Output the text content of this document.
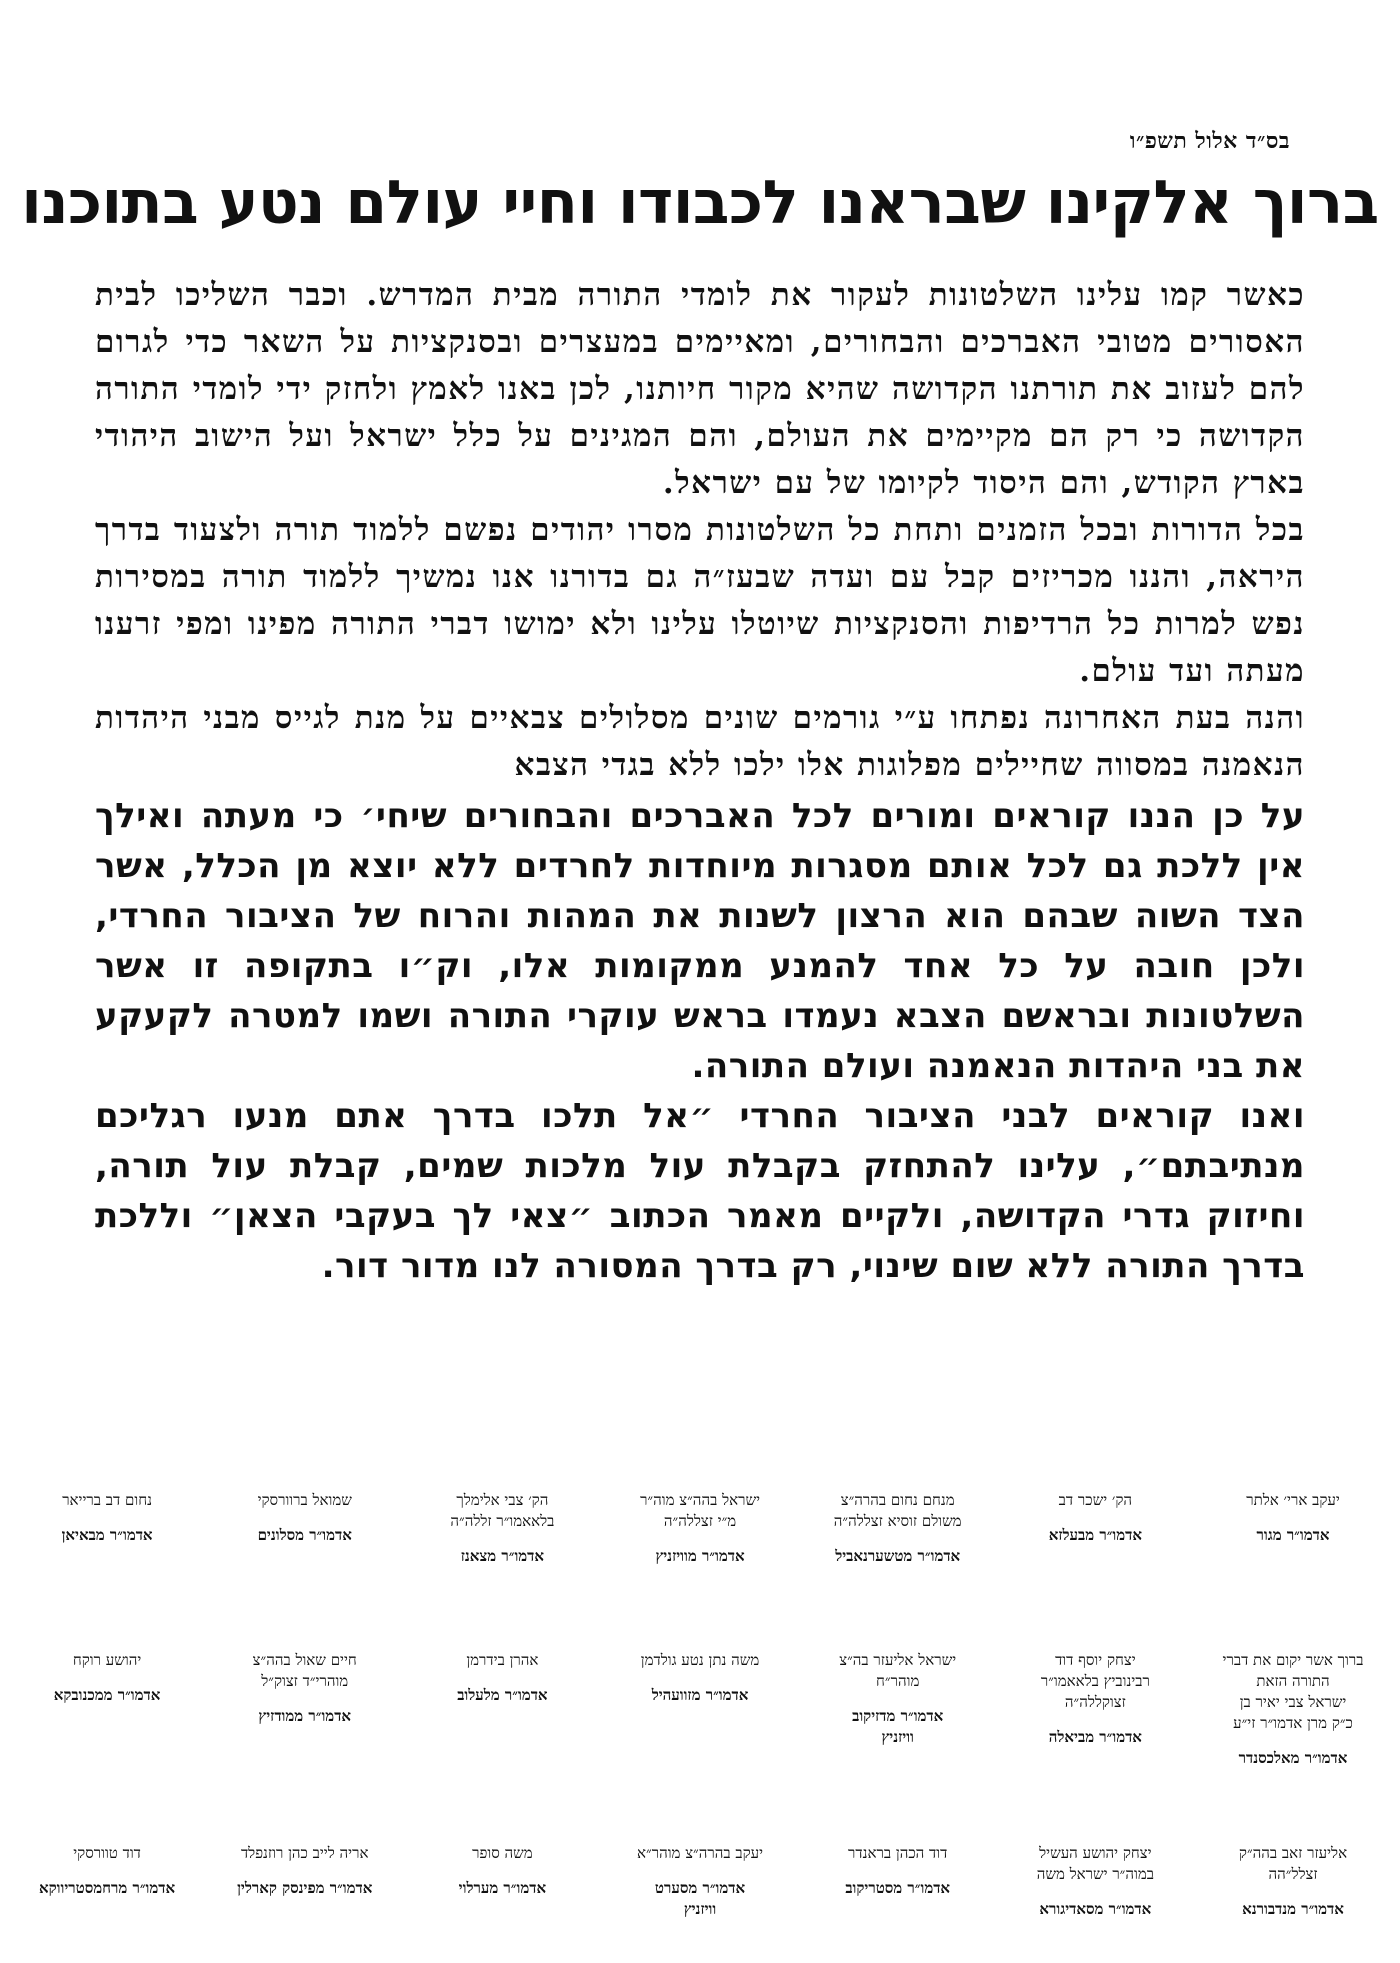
בס״ד אלול תשפ״ו
ברוך אלקינו שבראנו לכבודו וחיי עולם נטע בתוכנו

כאשר קמו עלינו השלטונות לעקור את לומדי התורה מבית המדרש. וכבר השליכו לבית האסורים מטובי האברכים והבחורים, ומאיימים במעצרים ובסנקציות על השאר כדי לגרום להם לעזוב את תורתנו הקדושה שהיא מקור חיותנו, לכן באנו לאמץ ולחזק ידי לומדי התורה הקדושה כי רק הם מקיימים את העולם, והם המגינים על כלל ישראל ועל הישוב היהודי בארץ הקודש, והם היסוד לקיומו של עם ישראל.

בכל הדורות ובכל הזמנים ותחת כל השלטונות מסרו יהודים נפשם ללמוד תורה ולצעוד בדרך היראה, והננו מכריזים קבל עם ועדה שבעז״ה גם בדורנו אנו נמשיך ללמוד תורה במסירות נפש למרות כל הרדיפות והסנקציות שיוטלו עלינו ולא ימושו דברי התורה מפינו ומפי זרענו מעתה ועד עולם.

והנה בעת האחרונה נפתחו ע״י גורמים שונים מסלולים צבאיים על מנת לגייס מבני היהדות הנאמנה במסווה שחיילים מפלוגות אלו ילכו ללא בגדי הצבא

על כן הננו קוראים ומורים לכל האברכים והבחורים שיחי׳ כי מעתה ואילך אין ללכת גם לכל אותם מסגרות מיוחדות לחרדים ללא יוצא מן הכלל, אשר הצד השוה שבהם הוא הרצון לשנות את המהות והרוח של הציבור החרדי, ולכן חובה על כל אחד להמנע ממקומות אלו, וק״ו בתקופה זו אשר השלטונות ובראשם הצבא נעמדו בראש עוקרי התורה ושמו למטרה לקעקע את בני היהדות הנאמנה ועולם התורה.

ואנו קוראים לבני הציבור החרדי ״אל תלכו בדרך אתם מנעו רגליכם מנתיבתם״, עלינו להתחזק בקבלת עול מלכות שמים, קבלת עול תורה, וחיזוק גדרי הקדושה, ולקיים מאמר הכתוב ״צאי לך בעקבי הצאן״ וללכת בדרך התורה ללא שום שינוי, רק בדרך המסורה לנו מדור דור.

יעקב ארי׳ אלתר
אדמו״ר מגור
הק׳ ישכר דב
אדמו״ר מבעלזא
מנחם נחום בהרה״צ
משולם זוסיא זצללה״ה
אדמו״ר מטשערנאביל
ישראל בהה״צ מוה״ר
מ״י זצללה״ה
אדמו״ר מוויזניץ
הק׳ צבי אלימלך
בלאאמו״ר זללה״ה
אדמו״ר מצאנז
שמואל ברוורסקי
אדמו״ר מסלונים
נחום דב ברייאר
אדמו״ר מבאיאן
ברוך אשר יקום את דברי
התורה הזאת
ישראל צבי יאיר בן
כ״ק מרן אדמו״ר זי״ע
אדמו״ר מאלכסנדר
יצחק יוסף דוד
רבינוביץ בלאאמו״ר
זצוקללה״ה
אדמו״ר מביאלה
ישראל אליעזר בה״צ
מוהר״ח
אדמו״ר מדזיקוב
וויזניץ
משה נתן נטע גולדמן
אדמו״ר מזוועהיל
אהרן בידרמן
אדמו״ר מלעלוב
חיים שאול בהה״צ
מוהרי״ד זצוק״ל
אדמו״ר ממודזיץ
יהושע רוקח
אדמו״ר ממכנובקא
אליעזר זאב בהה״ק
זצלל״הה
אדמו״ר מנדבורנא
יצחק יהושע העשיל
במוה״ר ישראל משה
אדמו״ר מסאדיגורא
דוד הכהן בראנדר
אדמו״ר מסטריקוב
יעקב בהרה״צ מוהר״א
אדמו״ר מסערט
וויזניץ
משה סופר
אדמו״ר מערלוי
אריה לייב כהן רוזנפלד
אדמו״ר מפינסק קארלין
דוד טוורסקי
אדמו״ר מרחמסטריווקא
